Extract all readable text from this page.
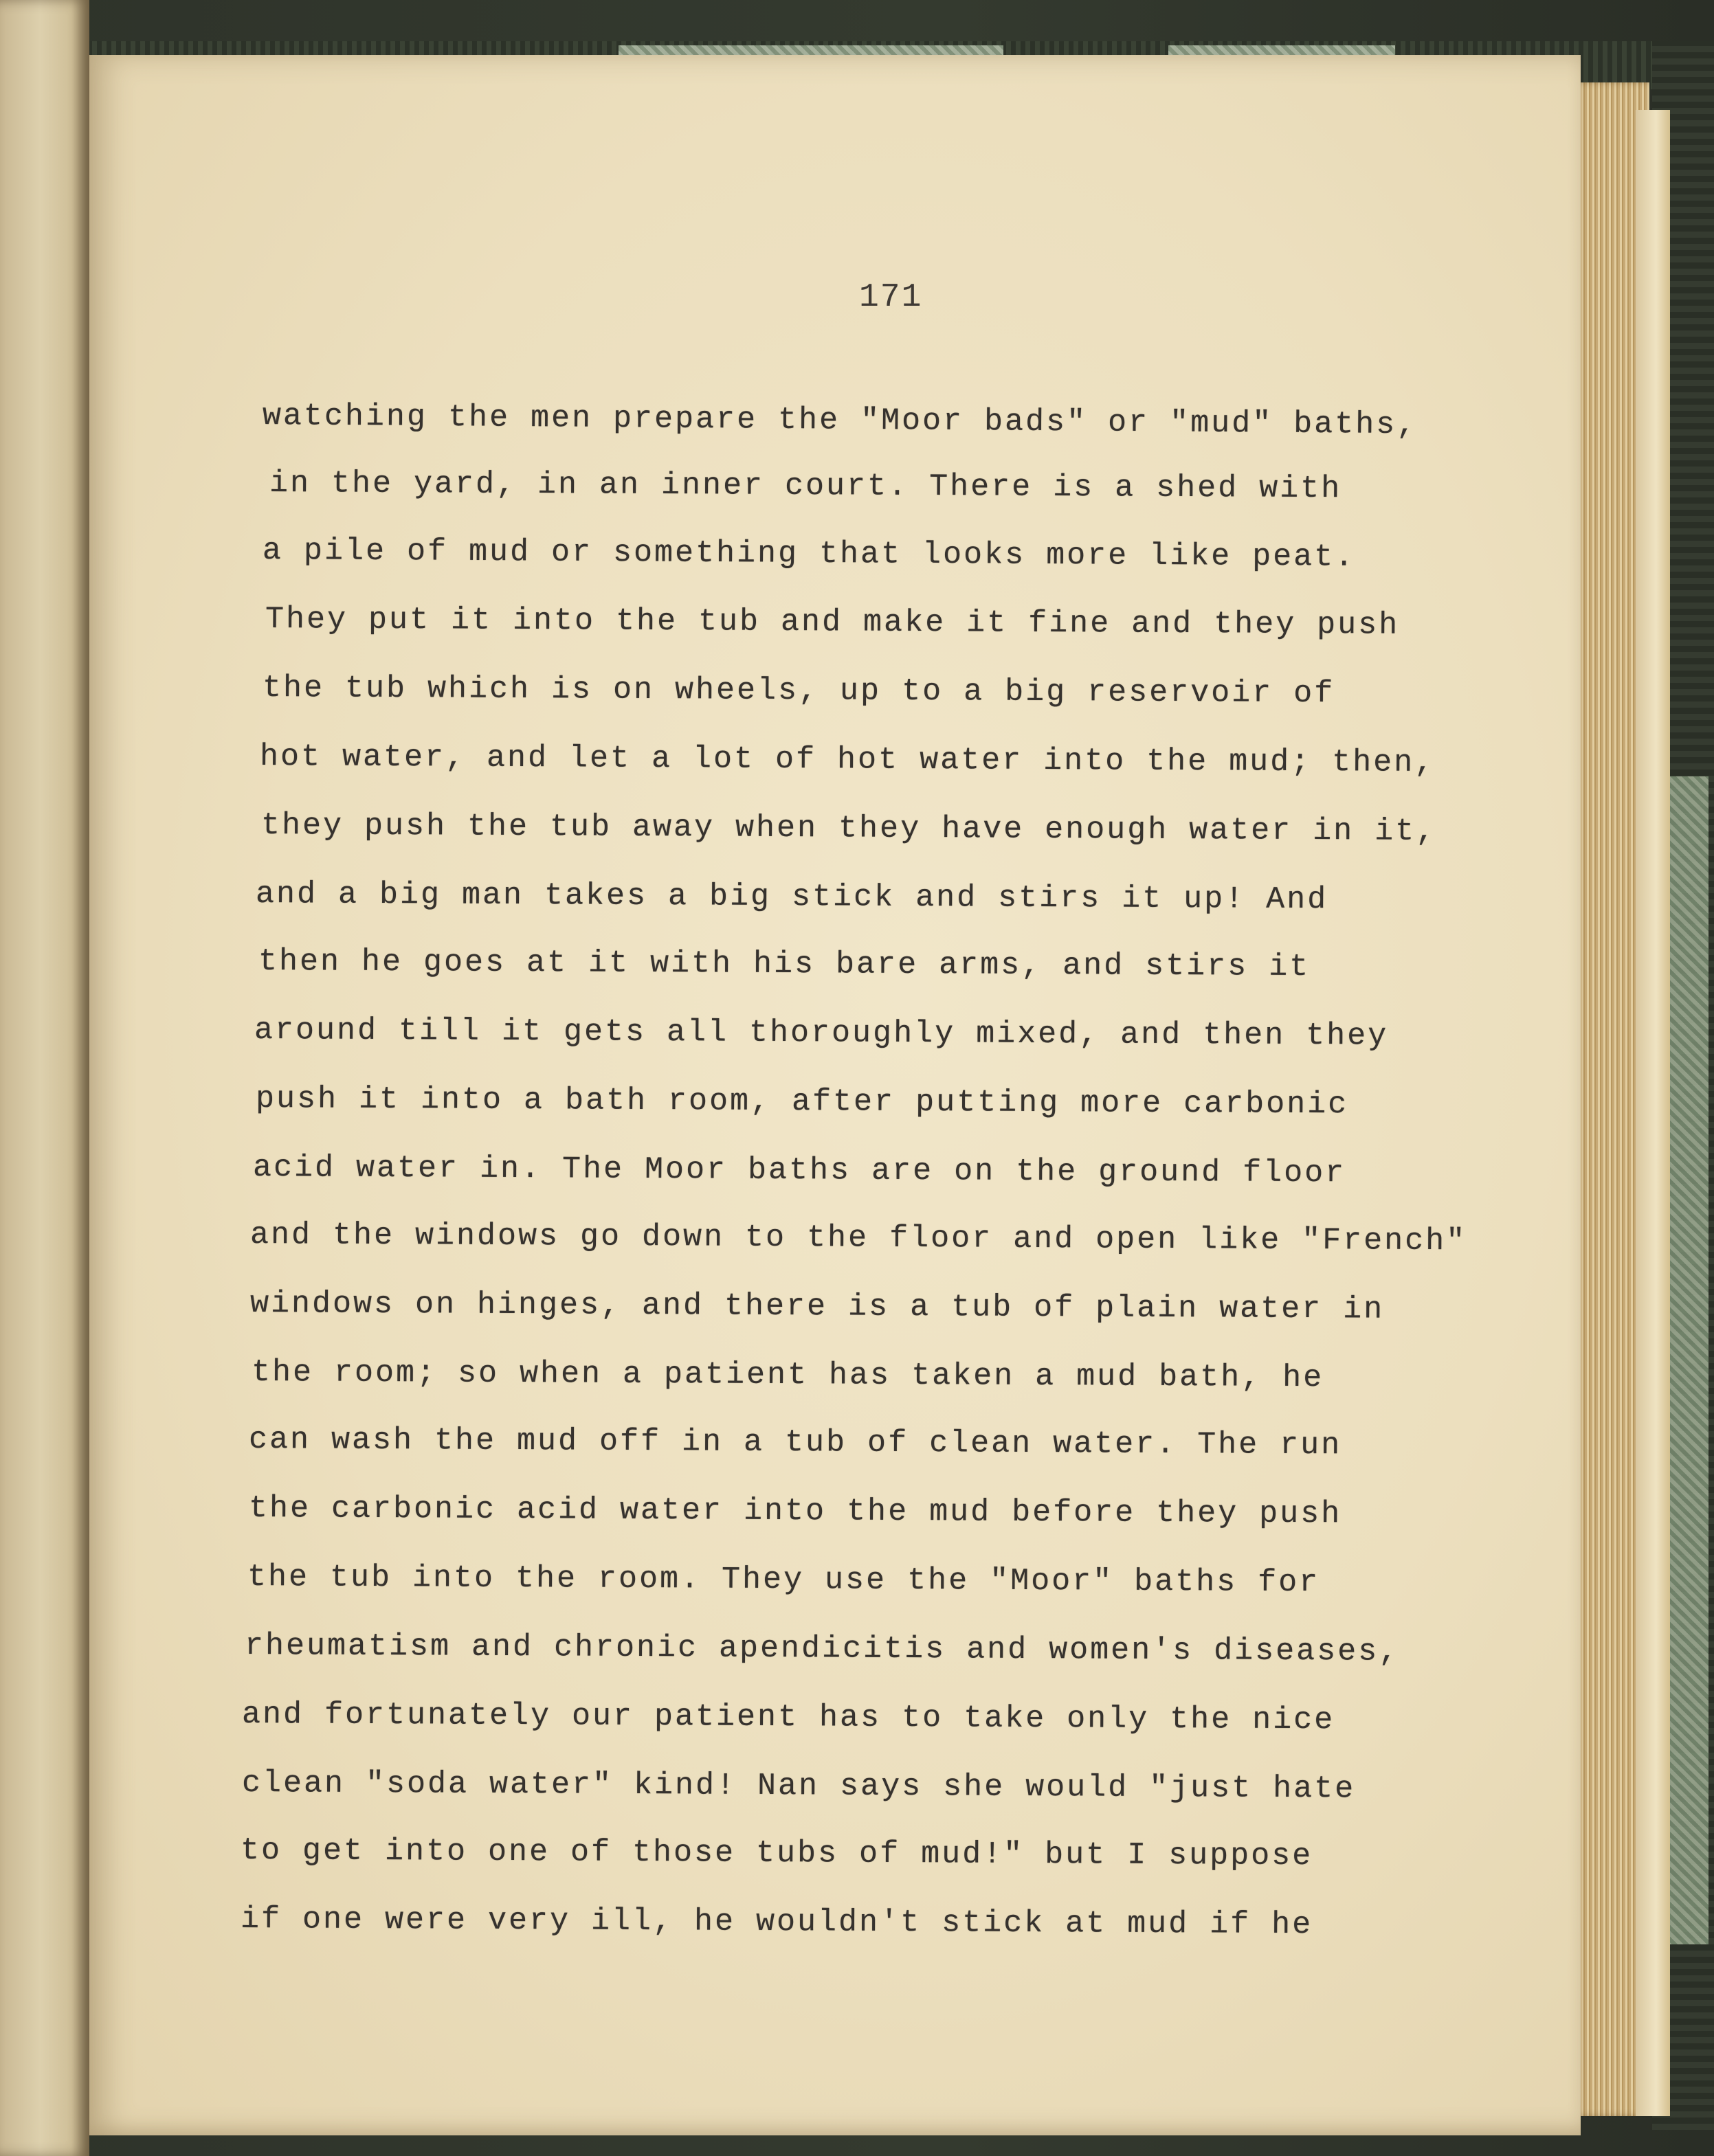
171
watching the men prepare the "Moor bads" or "mud" baths,
in the yard, in an inner court. There is a shed with
a pile of mud or something that looks more like peat.
They put it into the tub and make it fine and they push
the tub which is on wheels, up to a big reservoir of
hot water, and let a lot of hot water into the mud; then,
they push the tub away when they have enough water in it,
and a big man takes a big stick and stirs it up! And
then he goes at it with his bare arms, and stirs it
around till it gets all thoroughly mixed, and then they
push it into a bath room, after putting more carbonic
acid water in. The Moor baths are on the ground floor
and the windows go down to the floor and open like "French"
windows on hinges, and there is a tub of plain water in
the room; so when a patient has taken a mud bath, he
can wash the mud off in a tub of clean water. The run
the carbonic acid water into the mud before they push
the tub into the room. They use the "Moor" baths for
rheumatism and chronic apendicitis and women's diseases,
and fortunately our patient has to take only the nice
clean "soda water" kind! Nan says she would "just hate
to get into one of those tubs of mud!" but I suppose
if one were very ill, he wouldn't stick at mud if he
